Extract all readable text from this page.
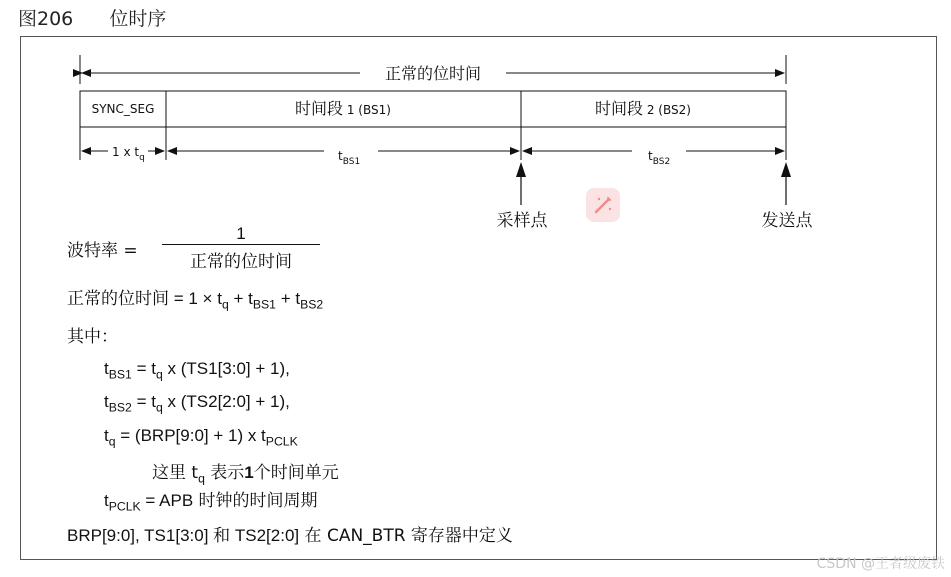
图206 位时序
正常的位时间
SYNC_SEG	时间段 1 (BS1)	时间段 2 (BS2)
1 x $t_q$	$t_{BS1}$	$t_{BS2}$
采样点	发送点
波特率 =
1
正常的位时间
正常的位时间 = $1 \times t_q + t_{BS1} + t_{BS2}$
其中：
$t_{BS1} = t_q$ x (TS1[3:0] + 1),
$t_{BS2} = t_q$ x (TS2[2:0] + 1),
$t_q$ = (BRP[9:0] + 1) x $t_{PCLK}$
这里 $t_q$ 表示1个时间单元
$t_{PCLK}$ = APB 时钟的时间周期
BRP[9:0], TS1[3:0] 和 TS2[2:0] 在 CAN_BTR 寄存器中定义
CSDN @王者级废铁
